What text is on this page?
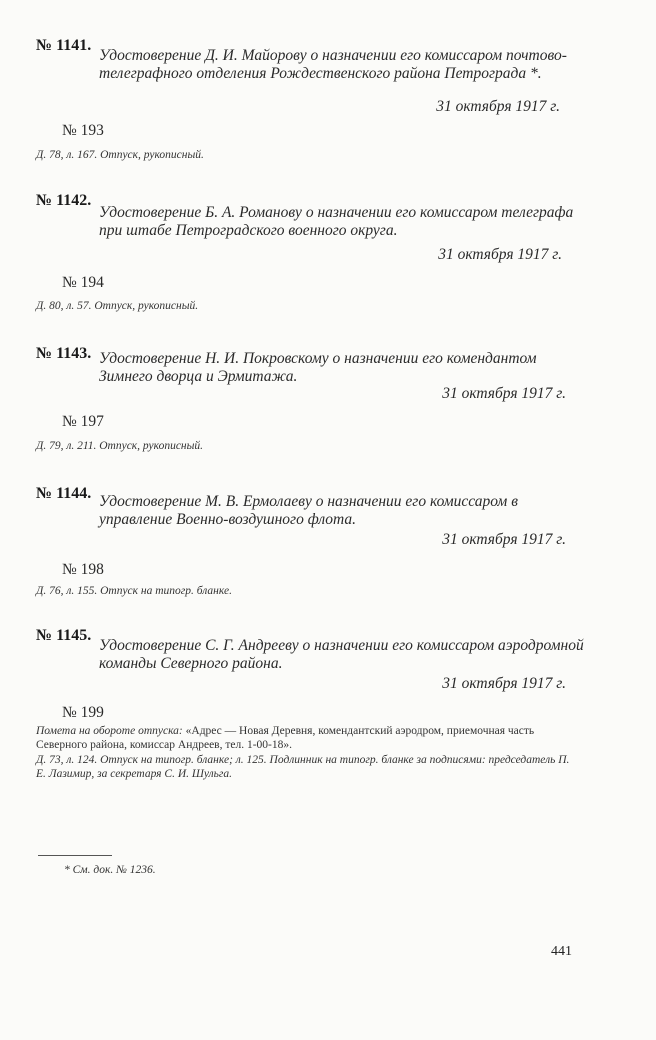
№ 1141.
Удостоверение Д. И. Майорову о назначении его комиссаром почтово-телеграфного отделения Рождественского района Петрограда *.
31 октября 1917 г.
№ 193
Д. 78, л. 167. Отпуск, рукописный.
№ 1142.
Удостоверение Б. А. Романову о назначении его комиссаром телеграфа при штабе Петроградского военного округа.
31 октября 1917 г.
№ 194
Д. 80, л. 57. Отпуск, рукописный.
№ 1143. Удостоверение Н. И. Покровскому о назначении его комендантом Зимнего дворца и Эрмитажа.
31 октября 1917 г.
№ 197
Д. 79, л. 211. Отпуск, рукописный.
№ 1144. Удостоверение М. В. Ермолаеву о назначении его комиссаром в управление Военно-воздушного флота.
31 октября 1917 г.
№ 198
Д. 76, л. 155. Отпуск на типогр. бланке.
№ 1145.
Удостоверение С. Г. Андрееву о назначении его комиссаром аэродромной команды Северного района.
31 октября 1917 г.
№ 199
Помета на обороте отпуска: «Адрес — Новая Деревня, комендантский аэродром, приемочная часть Северного района, комиссар Андреев, тел. 1-00-18».
Д. 73, л. 124. Отпуск на типогр. бланке; л. 125. Подлинник на типогр. бланке за подписями: председатель П. Е. Лазимир, за секретаря С. И. Шульга.
* См. док. № 1236.
441
